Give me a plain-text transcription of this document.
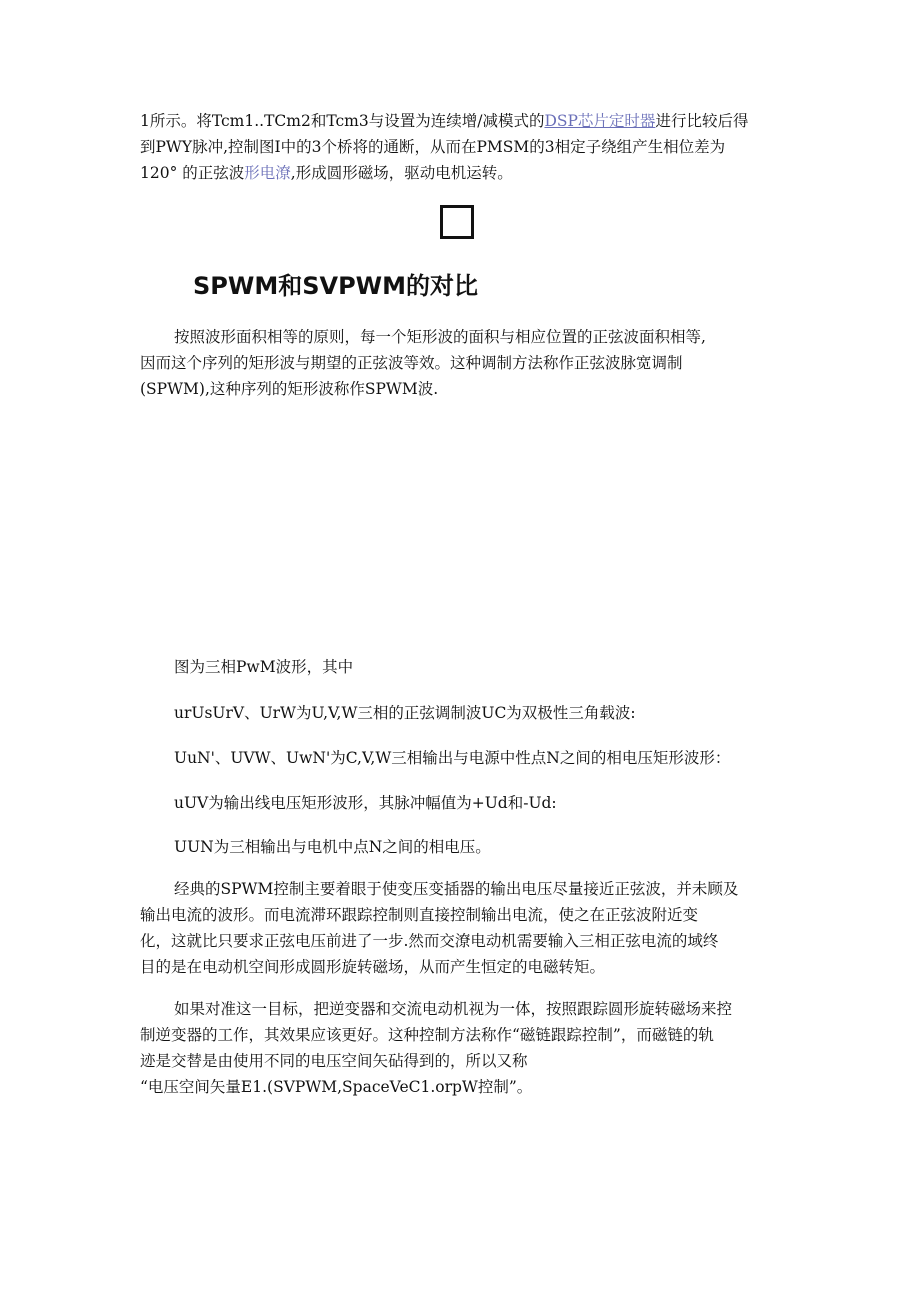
1所示。将Tcm1..TCm2和Tcm3与设置为连续增/减模式的DSP芯片定时器进行比较后得
到PWY脉冲,控制图I中的3个桥将的通断，从而在PMSM的3相定子绕组产生相位差为
120° 的正弦波形电潦,形成圆形磁场，驱动电机运转。

SPWM和SVPWM的对比

按照波形面积相等的原则，每一个矩形波的面积与相应位置的正弦波面积相等,
因而这个序列的矩形波与期望的正弦波等效。这种调制方法称作正弦波脉宽调制
(SPWM),这种序列的矩形波称作SPWM波.

图为三相PwM波形，其中

urUsUrV、UrW为U,V,W三相的正弦调制波UC为双极性三角载波:

UuN'、UVW、UwN'为C,V,W三相输出与电源中性点N之间的相电压矩形波形：

uUV为输出线电压矩形波形，其脉冲幅值为+Ud和-Ud:

UUN为三相输出与电机中点N之间的相电压。

经典的SPWM控制主要着眼于使变压变插器的输出电压尽量接近正弦波，并未顾及
输出电流的波形。而电流滞环跟踪控制则直接控制输出电流，使之在正弦波附近变
化，这就比只要求正弦电压前进了一步.然而交潦电动机需要输入三相正弦电流的域终
目的是在电动机空间形成圆形旋转磁场，从而产生恒定的电磁转矩。

如果对准这一目标，把逆变器和交流电动机视为一体，按照跟踪圆形旋转磁场来控
制逆变器的工作，其效果应该更好。这种控制方法称作“磁链跟踪控制”，而磁链的轨
迹是交替是由使用不同的电压空间矢砧得到的，所以又称
“电压空间矢量E1.(SVPWM,SpaceVeC1.orpW控制”。
